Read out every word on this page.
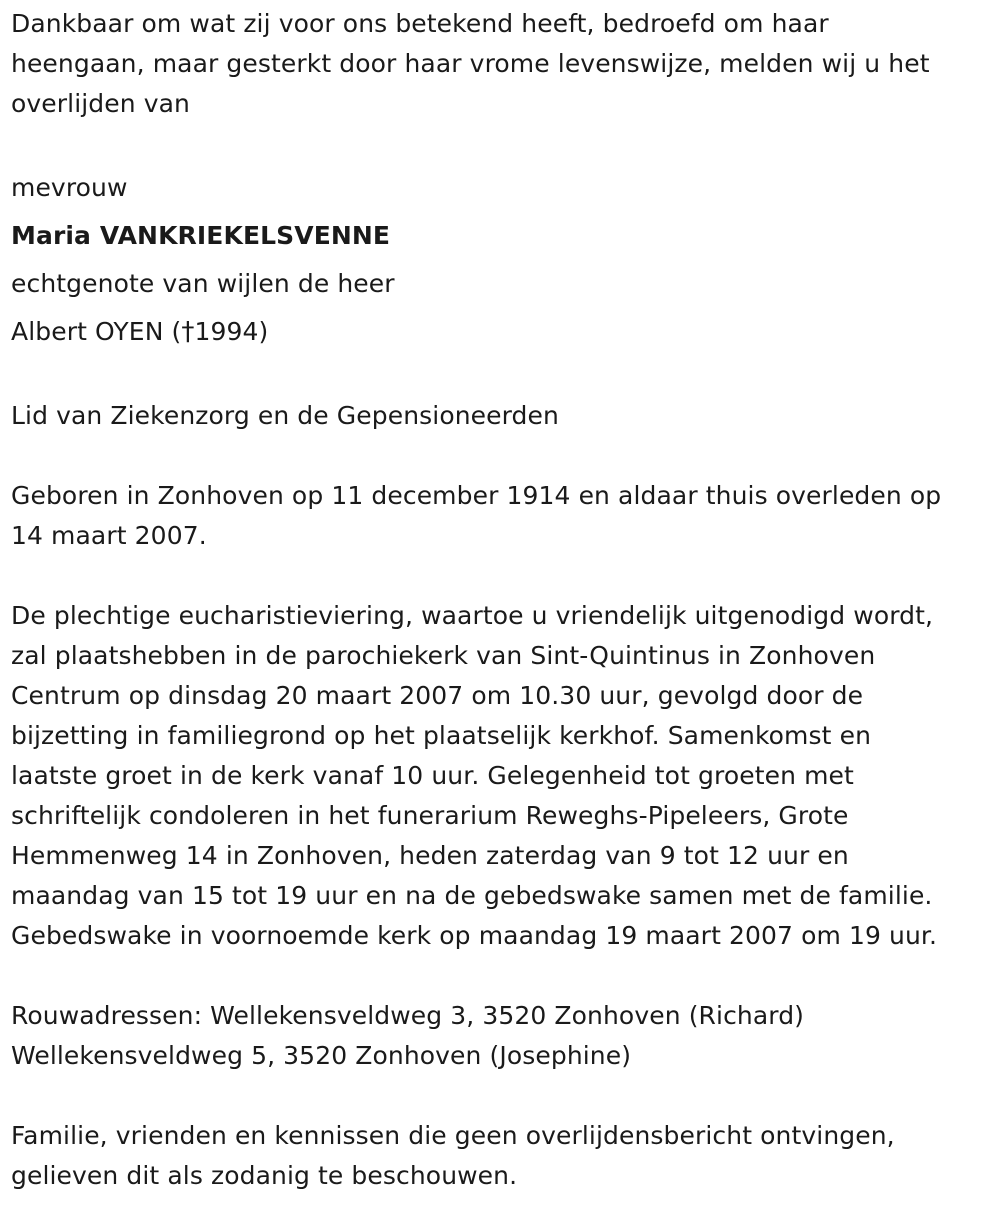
Dankbaar om wat zij voor ons betekend heeft, bedroefd om haar

heengaan, maar gesterkt door haar vrome levenswijze, melden wij u het

overlijden van

mevrouw

Maria VANKRIEKELSVENNE

echtgenote van wijlen de heer

Albert OYEN (†1994)

Lid van Ziekenzorg en de Gepensioneerden

Geboren in Zonhoven op 11 december 1914 en aldaar thuis overleden op

14 maart 2007.

De plechtige eucharistieviering, waartoe u vriendelijk uitgenodigd wordt,

zal plaatshebben in de parochiekerk van Sint-Quintinus in Zonhoven

Centrum op dinsdag 20 maart 2007 om 10.30 uur, gevolgd door de

bijzetting in familiegrond op het plaatselijk kerkhof. Samenkomst en

laatste groet in de kerk vanaf 10 uur. Gelegenheid tot groeten met

schriftelijk condoleren in het funerarium Reweghs-Pipeleers, Grote

Hemmenweg 14 in Zonhoven, heden zaterdag van 9 tot 12 uur en

maandag van 15 tot 19 uur en na de gebedswake samen met de familie.

Gebedswake in voornoemde kerk op maandag 19 maart 2007 om 19 uur.

Rouwadressen: Wellekensveldweg 3, 3520 Zonhoven (Richard)

Wellekensveldweg 5, 3520 Zonhoven (Josephine)

Familie, vrienden en kennissen die geen overlijdensbericht ontvingen,

gelieven dit als zodanig te beschouwen.
